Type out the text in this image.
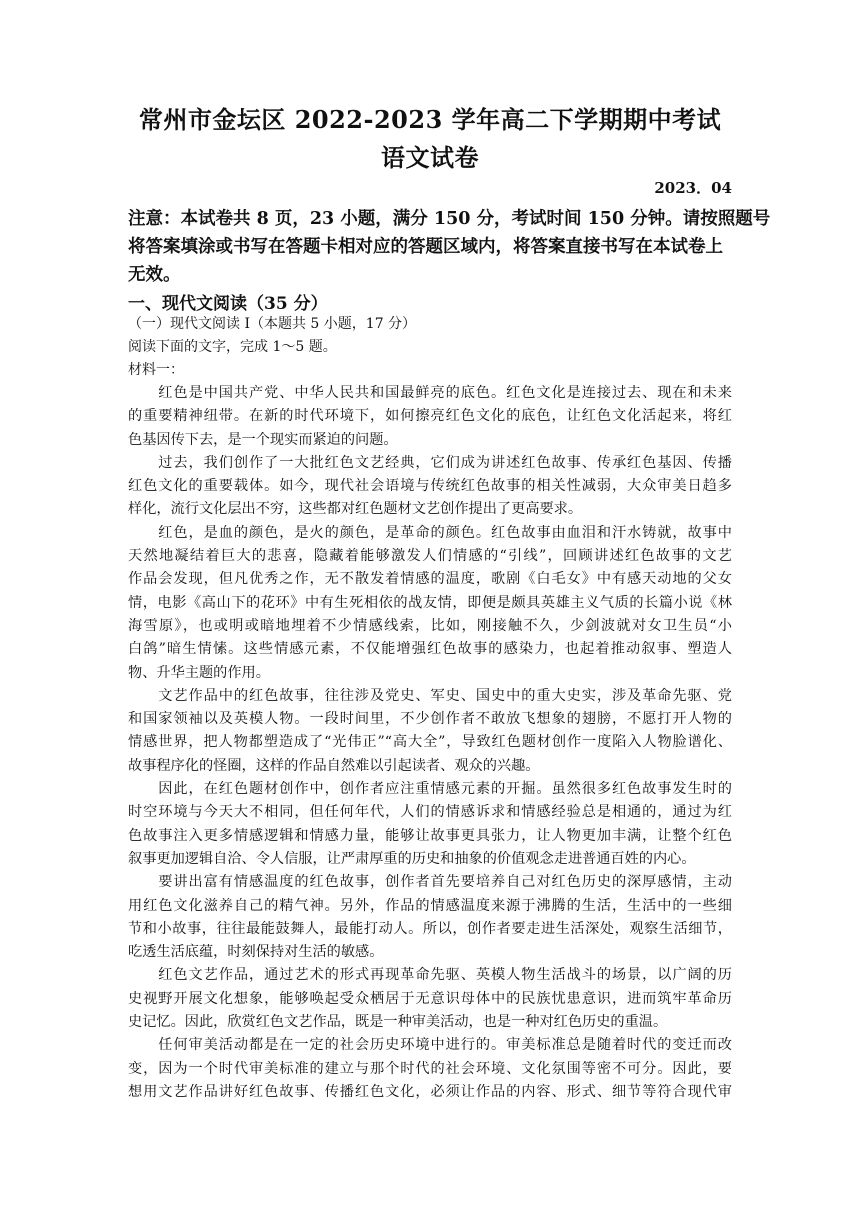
常州市金坛区 2022-2023 学年高二下学期期中考试
语文试卷
2023．04

注意：本试卷共 8 页，23 小题，满分 150 分，考试时间 150 分钟。请按照题号

将答案填涂或书写在答题卡相对应的答题区域内，将答案直接书写在本试卷上

无效。

一、现代文阅读（35 分）
（一）现代文阅读 I（本题共 5 小题，17 分）
阅读下面的文字，完成 1～5 题。
材料一：

　　红色是中国共产党、中华人民共和国最鲜亮的底色。红色文化是连接过去、现在和未来
的重要精神纽带。在新的时代环境下，如何擦亮红色文化的底色，让红色文化活起来，将红
色基因传下去，是一个现实而紧迫的问题。

　　过去，我们创作了一大批红色文艺经典，它们成为讲述红色故事、传承红色基因、传播
红色文化的重要载体。如今，现代社会语境与传统红色故事的相关性减弱，大众审美日趋多
样化，流行文化层出不穷，这些都对红色题材文艺创作提出了更高要求。

　　红色，是血的颜色，是火的颜色，是革命的颜色。红色故事由血泪和汗水铸就，故事中
天然地凝结着巨大的悲喜，隐藏着能够激发人们情感的“引线”，回顾讲述红色故事的文艺
作品会发现，但凡优秀之作，无不散发着情感的温度，歌剧《白毛女》中有感天动地的父女
情，电影《高山下的花环》中有生死相依的战友情，即便是颇具英雄主义气质的长篇小说《林
海雪原》，也或明或暗地埋着不少情感线索，比如，刚接触不久，少剑波就对女卫生员“小
白鸽”暗生情愫。这些情感元素，不仅能增强红色故事的感染力，也起着推动叙事、塑造人
物、升华主题的作用。

　　文艺作品中的红色故事，往往涉及党史、军史、国史中的重大史实，涉及革命先驱、党
和国家领袖以及英模人物。一段时间里，不少创作者不敢放飞想象的翅膀，不愿打开人物的
情感世界，把人物都塑造成了“光伟正”“高大全”，导致红色题材创作一度陷入人物脸谱化、
故事程序化的怪圈，这样的作品自然难以引起读者、观众的兴趣。

　　因此，在红色题材创作中，创作者应注重情感元素的开掘。虽然很多红色故事发生时的
时空环境与今天大不相同，但任何年代，人们的情感诉求和情感经验总是相通的，通过为红
色故事注入更多情感逻辑和情感力量，能够让故事更具张力，让人物更加丰满，让整个红色
叙事更加逻辑自洽、令人信服，让严肃厚重的历史和抽象的价值观念走进普通百姓的内心。

　　要讲出富有情感温度的红色故事，创作者首先要培养自己对红色历史的深厚感情，主动
用红色文化滋养自己的精气神。另外，作品的情感温度来源于沸腾的生活，生活中的一些细
节和小故事，往往最能鼓舞人，最能打动人。所以，创作者要走进生活深处，观察生活细节，
吃透生活底蕴，时刻保持对生活的敏感。

　　红色文艺作品，通过艺术的形式再现革命先驱、英模人物生活战斗的场景，以广阔的历
史视野开展文化想象，能够唤起受众栖居于无意识母体中的民族忧患意识，进而筑牢革命历
史记忆。因此，欣赏红色文艺作品，既是一种审美活动，也是一种对红色历史的重温。

　　任何审美活动都是在一定的社会历史环境中进行的。审美标准总是随着时代的变迁而改
变，因为一个时代审美标准的建立与那个时代的社会环境、文化氛围等密不可分。因此，要
想用文艺作品讲好红色故事、传播红色文化，必须让作品的内容、形式、细节等符合现代审
